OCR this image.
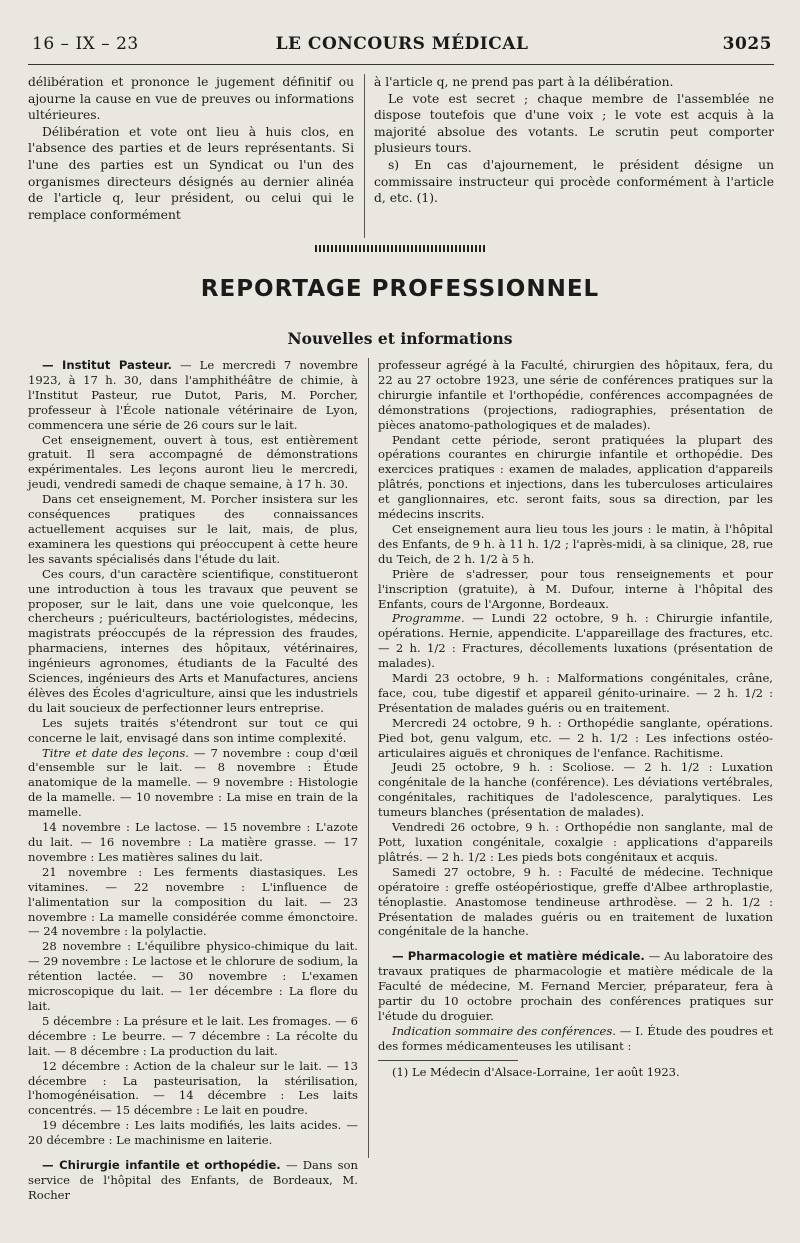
16 – IX – 23	LE CONCOURS MÉDICAL	3025

délibération et prononce le jugement définitif ou ajourne la cause en vue de preuves ou informations ultérieures.

Délibération et vote ont lieu à huis clos, en l'absence des parties et de leurs représentants. Si l'une des parties est un Syndicat ou l'un des organismes directeurs désignés au dernier alinéa de l'article q, leur président, ou celui qui le remplace conformément

à l'article q, ne prend pas part à la délibération.

Le vote est secret ; chaque membre de l'assemblée ne dispose toutefois que d'une voix ; le vote est acquis à la majorité absolue des votants. Le scrutin peut comporter plusieurs tours.

s) En cas d'ajournement, le président désigne un commissaire instructeur qui procède conformément à l'article d, etc. (1).

REPORTAGE PROFESSIONNEL
Nouvelles et informations

— Institut Pasteur. — Le mercredi 7 novembre 1923, à 17 h. 30, dans l'amphithéâtre de chimie, à l'Institut Pasteur, rue Dutot, Paris, M. Porcher, professeur à l'École nationale vétérinaire de Lyon, commencera une série de 26 cours sur le lait.

Cet enseignement, ouvert à tous, est entièrement gratuit. Il sera accompagné de démonstrations expérimentales. Les leçons auront lieu le mercredi, jeudi, vendredi samedi de chaque semaine, à 17 h. 30.

Dans cet enseignement, M. Porcher insistera sur les conséquences pratiques des connaissances actuellement acquises sur le lait, mais, de plus, examinera les questions qui préoccupent à cette heure les savants spécialisés dans l'étude du lait.

Ces cours, d'un caractère scientifique, constitueront une introduction à tous les travaux que peuvent se proposer, sur le lait, dans une voie quelconque, les chercheurs ; puériculteurs, bactériologistes, médecins, magistrats préoccupés de la répression des fraudes, pharmaciens, internes des hôpitaux, vétérinaires, ingénieurs agronomes, étudiants de la Faculté des Sciences, ingénieurs des Arts et Manufactures, anciens élèves des Écoles d'agriculture, ainsi que les industriels du lait soucieux de perfectionner leurs entreprise.

Les sujets traités s'étendront sur tout ce qui concerne le lait, envisagé dans son intime complexité.

Titre et date des leçons. — 7 novembre : coup d'œil d'ensemble sur le lait. — 8 novembre : Étude anatomique de la mamelle. — 9 novembre : Histologie de la mamelle. — 10 novembre : La mise en train de la mamelle.

14 novembre : Le lactose. — 15 novembre : L'azote du lait. — 16 novembre : La matière grasse. — 17 novembre : Les matières salines du lait.

21 novembre : Les ferments diastasiques. Les vitamines. — 22 novembre : L'influence de l'alimentation sur la composition du lait. — 23 novembre : La mamelle considérée comme émonctoire. — 24 novembre : la polylactie.

28 novembre : L'équilibre physico-chimique du lait. — 29 novembre : Le lactose et le chlorure de sodium, la rétention lactée. — 30 novembre : L'examen microscopique du lait. — 1er décembre : La flore du lait.

5 décembre : La présure et le lait. Les fromages. — 6 décembre : Le beurre. — 7 décembre : La récolte du lait. — 8 décembre : La production du lait.

12 décembre : Action de la chaleur sur le lait. — 13 décembre : La pasteurisation, la stérilisation, l'homogénéisation. — 14 décembre : Les laits concentrés. — 15 décembre : Le lait en poudre.

19 décembre : Les laits modifiés, les laits acides. — 20 décembre : Le machinisme en laiterie.

— Chirurgie infantile et orthopédie. — Dans son service de l'hôpital des Enfants, de Bordeaux, M. Rocher

professeur agrégé à la Faculté, chirurgien des hôpitaux, fera, du 22 au 27 octobre 1923, une série de conférences pratiques sur la chirurgie infantile et l'orthopédie, conférences accompagnées de démonstrations (projections, radiographies, présentation de pièces anatomo-pathologiques et de malades).

Pendant cette période, seront pratiquées la plupart des opérations courantes en chirurgie infantile et orthopédie. Des exercices pratiques : examen de malades, application d'appareils plâtrés, ponctions et injections, dans les tuberculoses articulaires et ganglionnaires, etc. seront faits, sous sa direction, par les médecins inscrits.

Cet enseignement aura lieu tous les jours : le matin, à l'hôpital des Enfants, de 9 h. à 11 h. 1/2 ; l'après-midi, à sa clinique, 28, rue du Teich, de 2 h. 1/2 à 5 h.

Prière de s'adresser, pour tous renseignements et pour l'inscription (gratuite), à M. Dufour, interne à l'hôpital des Enfants, cours de l'Argonne, Bordeaux.

Programme. — Lundi 22 octobre, 9 h. : Chirurgie infantile, opérations. Hernie, appendicite. L'appareillage des fractures, etc. — 2 h. 1/2 : Fractures, décollements luxations (présentation de malades).

Mardi 23 octobre, 9 h. : Malformations congénitales, crâne, face, cou, tube digestif et appareil génito-urinaire. — 2 h. 1/2 : Présentation de malades guéris ou en traitement.

Mercredi 24 octobre, 9 h. : Orthopédie sanglante, opérations. Pied bot, genu valgum, etc. — 2 h. 1/2 : Les infections ostéo-articulaires aiguës et chroniques de l'enfance. Rachitisme.

Jeudi 25 octobre, 9 h. : Scoliose. — 2 h. 1/2 : Luxation congénitale de la hanche (conférence). Les déviations vertébrales, congénitales, rachitiques de l'adolescence, paralytiques. Les tumeurs blanches (présentation de malades).

Vendredi 26 octobre, 9 h. : Orthopédie non sanglante, mal de Pott, luxation congénitale, coxalgie : applications d'appareils plâtrés. — 2 h. 1/2 : Les pieds bots congénitaux et acquis.

Samedi 27 octobre, 9 h. : Faculté de médecine. Technique opératoire : greffe ostéopériostique, greffe d'Albee arthroplastie, ténoplastie. Anastomose tendineuse arthrodèse. — 2 h. 1/2 : Présentation de malades guéris ou en traitement de luxation congénitale de la hanche.

— Pharmacologie et matière médicale. — Au laboratoire des travaux pratiques de pharmacologie et matière médicale de la Faculté de médecine, M. Fernand Mercier, préparateur, fera à partir du 10 octobre prochain des conférences pratiques sur l'étude du droguier.

Indication sommaire des conférences. — I. Étude des poudres et des formes médicamenteuses les utilisant :

(1) Le Médecin d'Alsace-Lorraine, 1er août 1923.
